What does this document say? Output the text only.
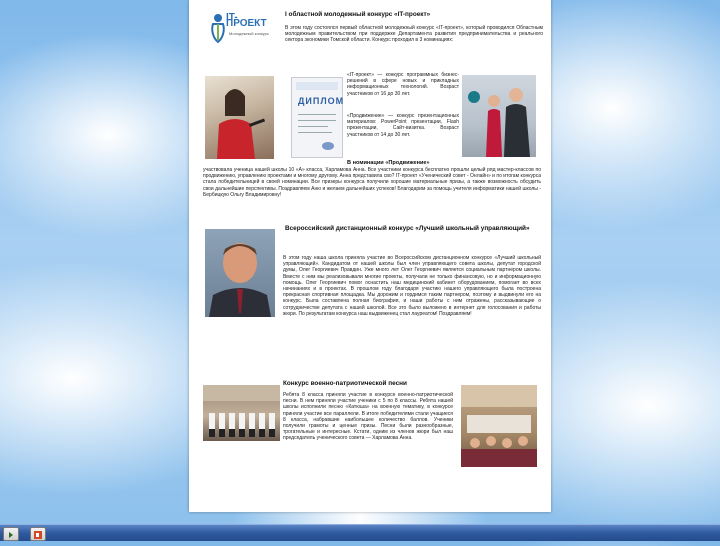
IT-ПРОЕКТ
Молодежный конкурс
I областной молодежный конкурс «IT-проект»
В этом году состоялся первый областной молодежный конкурс «IT-проект», который проводился Областным молодежным правительством при поддержке Департамента развития предпринимательства и реального сектора экономики Томской области. Конкурс проходил в 3 номинациях:
ДИПЛОМ
«IT-проект» — конкурс программных бизнес-решений в сфере новых и прикладных информационных технологий. Возраст участников от 16 до 30 лет.
«Продвижение» — конкурс презентационных материалов: PowerPoint презентации, Flash презентации, Сайт-визитка. Возраст участников от 14 до 30 лет.
В номинации «Продвижение»
участвовала ученица нашей школы 10 «А» класса, Харламова Анна. Все участники конкурса бесплатно прошли целый ряд мастер-классов по продвижению, управлению проектами и многому другому. Анна представила сво? IT-проект «Ученический совет - Онлайн» и по итогам конкурса стала победительницей в своей номинации. Все призеры конкурса получили хорошие материальные призы, а также возможность обсудить свои дальнейшие перспективы. Поздравляем Аню и желаем дальнейших успехов! Благодарим за помощь учителя информатики нашей школы - Бербицкую Ольгу Владимировну!
Всероссийский дистанционный конкурс «Лучший школьный управляющий»
В этом году наша школа приняла участие во Всероссийском дистанционном конкурсе «Лучший школьный управляющий». Кандидатом от нашей школы был член управляющего совета школы, депутат городской думы, Олег Георгиевич Правдин. Уже много лет Олег Георгиевич является социальным партнером школы. Вместе с ним мы реализовывали многие проекты, получали не только финансовую, но и информационную помощь. Олег Георгиевич помог оснастить наш медицинский кабинет оборудованием, помогает во всех начинаниях и в проектах. В прошлом году благодаря участию нашего управляющего была построена прекрасная спортивная площадка. Мы дорожим и гордимся таким партнером, поэтому и выдвинули его на конкурс. Была составлена полная биография, и наши работы с ним отражены, рассказывающие о сотрудничестве депутата с нашей школой. Все это было выложено в интернет для голосования и работы жюри. По результатам конкурса наш выдвиженец стал лауреатом! Поздравляем!
Конкурс военно-патриотической песни
Ребята 8 класса приняли участие в конкурсе военно-патриотической песни. В нем приняли участие ученики с 5 по 8 классы. Ребята нашей школы исполнили песню «Катюша» на военную тематику, в конкурсе приняли участие все параллели. В итоге победителями стали учащиеся 8 класса, набравшие наибольшее количество баллов. Ученики получили грамоты и ценные призы. Песни были разнообразные, трогательные и интересные. Кстати, одним из членов жюри был наш председатель ученического совета — Харламова Анна.
